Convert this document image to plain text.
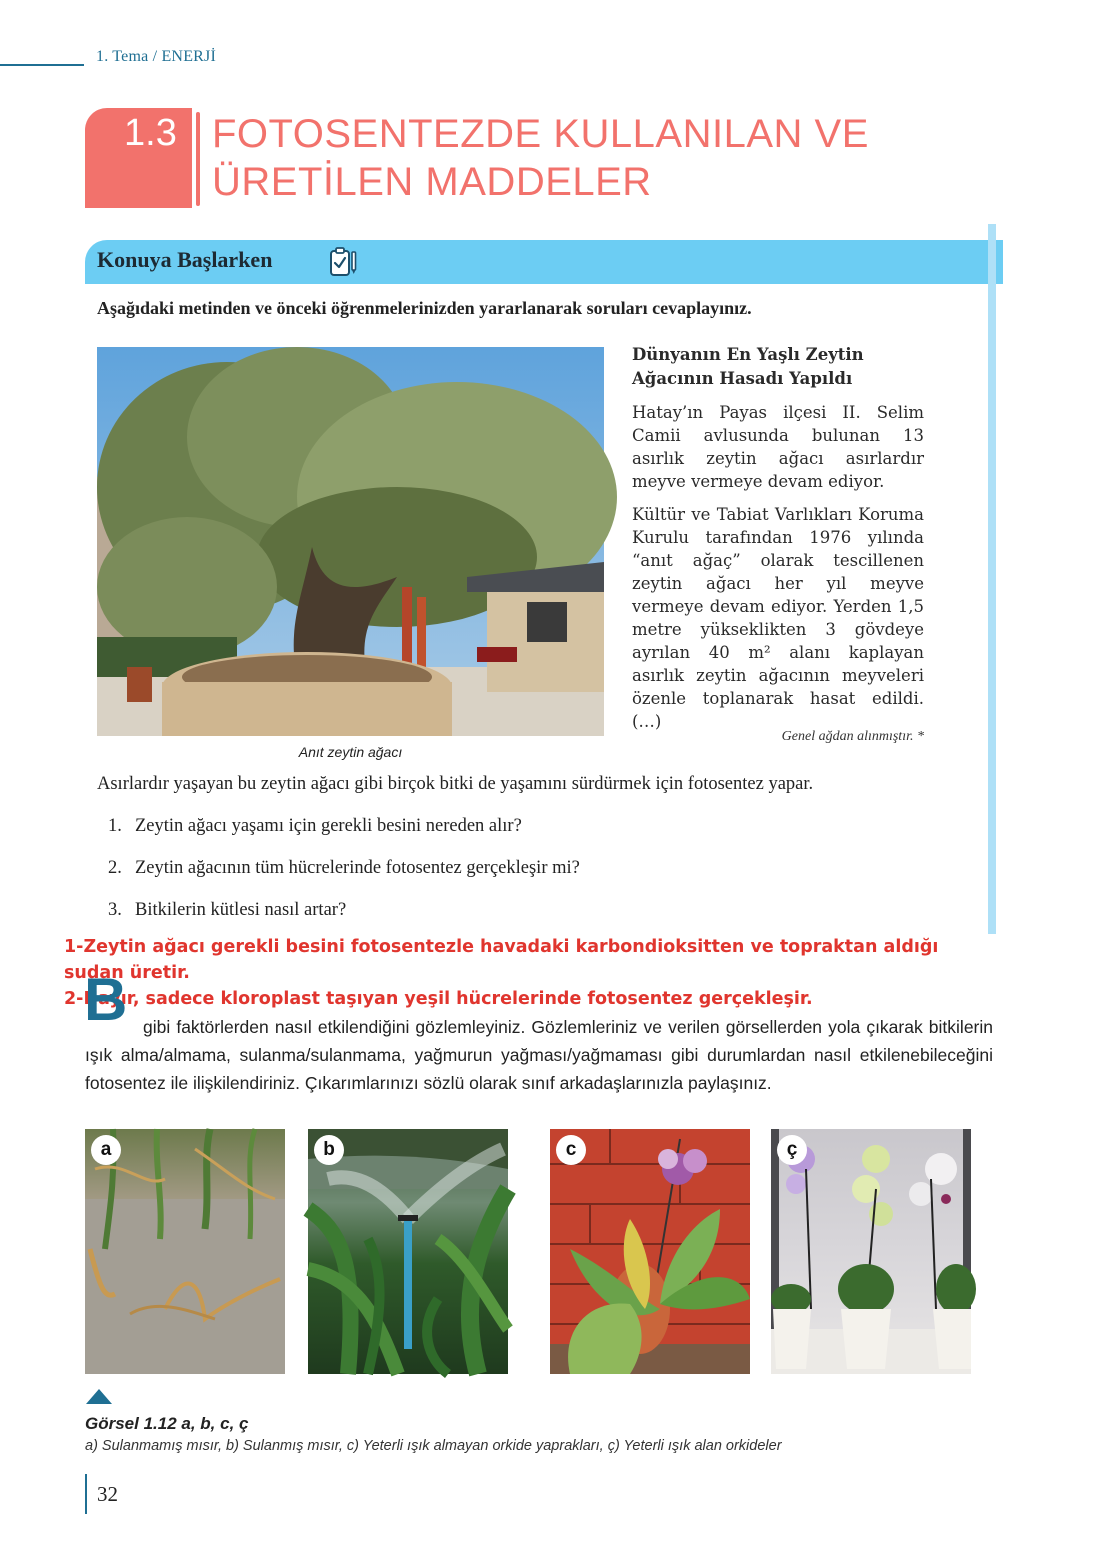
1. Tema / ENERJİ
1.3 FOTOSENTEZDE KULLANILAN VE
ÜRETİLEN MADDELER
Konuya Başlarken
Aşağıdaki metinden ve önceki öğrenmelerinizden yararlanarak soruları cevaplayınız.
Anıt zeytin ağacı
Dünyanın En Yaşlı Zeytin Ağacının Hasadı Yapıldı

Hatay’ın Payas ilçesi II. Selim Camii avlusunda bulunan 13 asırlık zeytin ağacı asırlardır meyve vermeye devam ediyor.

Kültür ve Tabiat Varlıkları Koruma Kurulu tarafından 1976 yılında “anıt ağaç” olarak tescillenen zeytin ağacı her yıl meyve vermeye devam ediyor. Yerden 1,5 metre yükseklikten 3 gövdeye ayrılan 40 m² alanı kaplayan asırlık zeytin ağacının meyveleri özenle toplanarak hasat edildi. (…)

Genel ağdan alınmıştır. *
Asırlardır yaşayan bu zeytin ağacı gibi birçok bitki de yaşamını sürdürmek için fotosentez yapar.
1. Zeytin ağacı yaşamı için gerekli besini nereden alır?
2. Zeytin ağacının tüm hücrelerinde fotosentez gerçekleşir mi?
3. Bitkilerin kütlesi nasıl artar?
1-Zeytin ağacı gerekli besini fotosentezle havadaki karbondioksitten ve topraktan aldığı sudan üretir.
2-Hayır, sadece kloroplast taşıyan yeşil hücrelerinde fotosentez gerçekleşir.
B gibi faktörlerden nasıl etkilendiğini gözlemleyiniz. Gözlemleriniz ve verilen görsellerden yola çıkarak bitkilerin ışık alma/almama, sulanma/sulanmama, yağmurun yağması/yağmaması gibi durumlardan nasıl etkilenebileceğini fotosentez ile ilişkilendiriniz. Çıkarımlarınızı sözlü olarak sınıf arkadaşlarınızla paylaşınız.
a	b	c	ç
Görsel 1.12 a, b, c, ç
a) Sulanmamış mısır, b) Sulanmış mısır, c) Yeterli ışık almayan orkide yaprakları, ç) Yeterli ışık alan orkideler
32
